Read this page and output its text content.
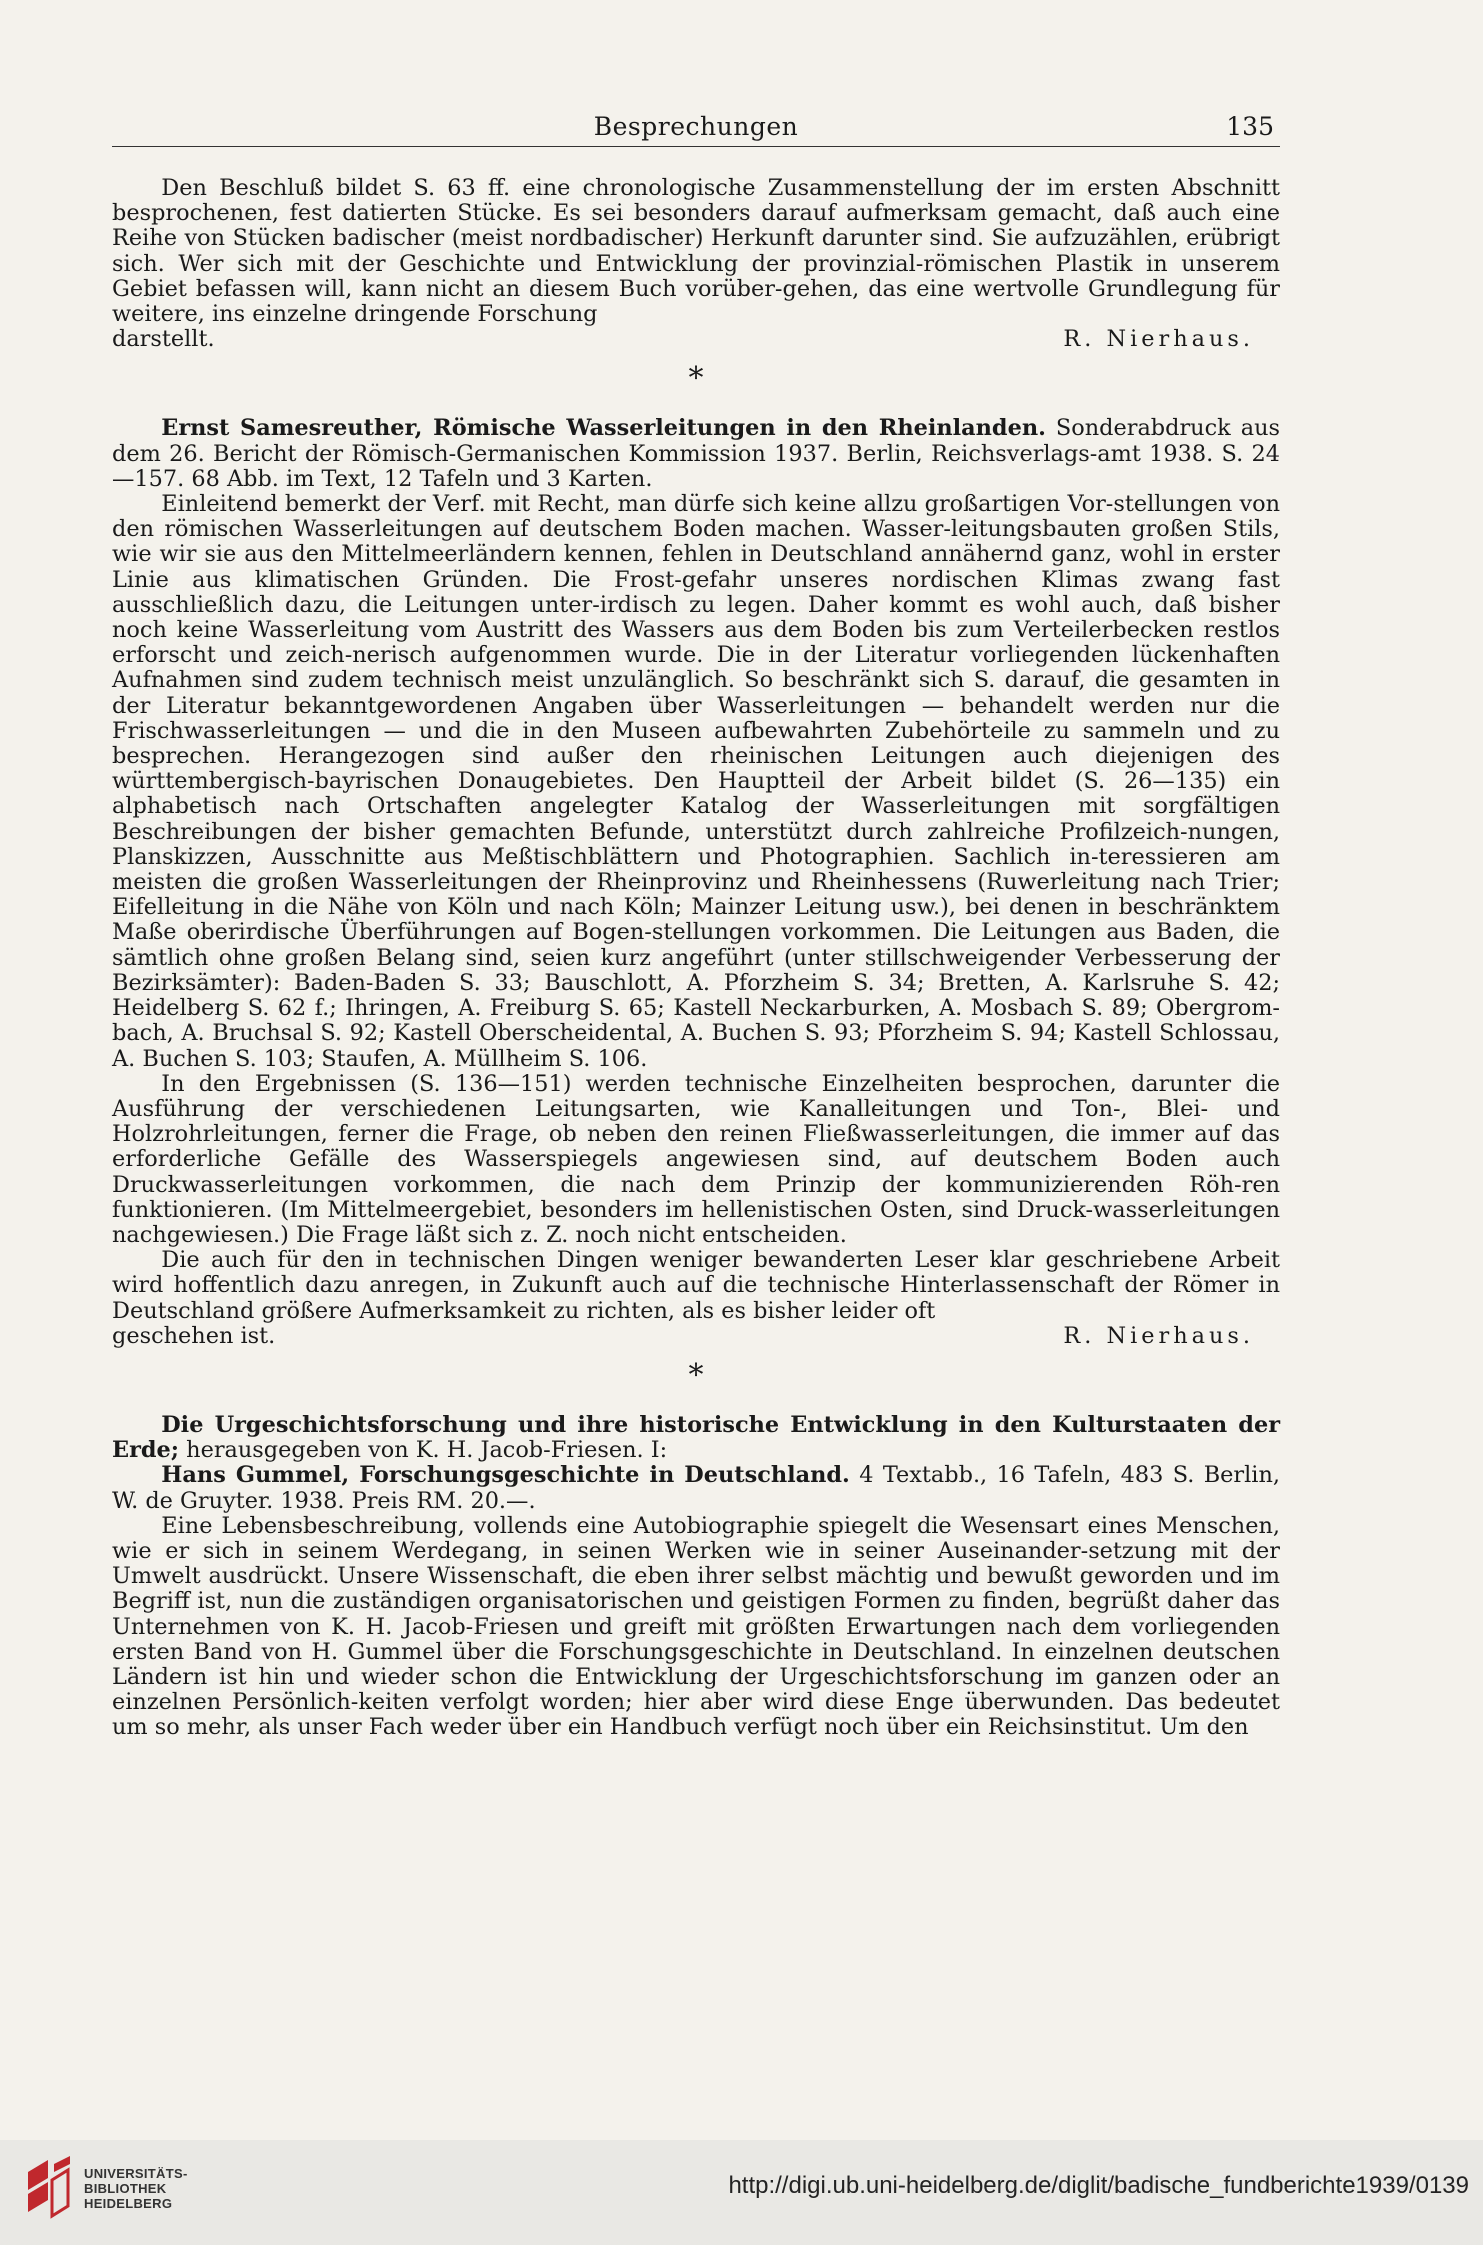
Besprechungen	135

Den Beschluß bildet S. 63 ff. eine chronologische Zusammenstellung der im ersten Abschnitt besprochenen, fest datierten Stücke. Es sei besonders darauf aufmerksam gemacht, daß auch eine Reihe von Stücken badischer (meist nordbadischer) Herkunft darunter sind. Sie aufzuzählen, erübrigt sich. Wer sich mit der Geschichte und Entwicklung der provinzial-römischen Plastik in unserem Gebiet befassen will, kann nicht an diesem Buch vorüber-gehen, das eine wertvolle Grundlegung für weitere, ins einzelne dringende Forschung

darstellt.	R. Nierhaus.
*

Ernst Samesreuther, Römische Wasserleitungen in den Rheinlanden. Sonderabdruck aus dem 26. Bericht der Römisch-Germanischen Kommission 1937. Berlin, Reichsverlags-amt 1938. S. 24—157. 68 Abb. im Text, 12 Tafeln und 3 Karten.

Einleitend bemerkt der Verf. mit Recht, man dürfe sich keine allzu großartigen Vor-stellungen von den römischen Wasserleitungen auf deutschem Boden machen. Wasser-leitungsbauten großen Stils, wie wir sie aus den Mittelmeerländern kennen, fehlen in Deutschland annähernd ganz, wohl in erster Linie aus klimatischen Gründen. Die Frost-gefahr unseres nordischen Klimas zwang fast ausschließlich dazu, die Leitungen unter-irdisch zu legen. Daher kommt es wohl auch, daß bisher noch keine Wasserleitung vom Austritt des Wassers aus dem Boden bis zum Verteilerbecken restlos erforscht und zeich-nerisch aufgenommen wurde. Die in der Literatur vorliegenden lückenhaften Aufnahmen sind zudem technisch meist unzulänglich. So beschränkt sich S. darauf, die gesamten in der Literatur bekanntgewordenen Angaben über Wasserleitungen — behandelt werden nur die Frischwasserleitungen — und die in den Museen aufbewahrten Zubehörteile zu sammeln und zu besprechen. Herangezogen sind außer den rheinischen Leitungen auch diejenigen des württembergisch-bayrischen Donaugebietes. Den Hauptteil der Arbeit bildet (S. 26—135) ein alphabetisch nach Ortschaften angelegter Katalog der Wasserleitungen mit sorgfältigen Beschreibungen der bisher gemachten Befunde, unterstützt durch zahlreiche Profilzeich-nungen, Planskizzen, Ausschnitte aus Meßtischblättern und Photographien. Sachlich in-teressieren am meisten die großen Wasserleitungen der Rheinprovinz und Rheinhessens (Ruwerleitung nach Trier; Eifelleitung in die Nähe von Köln und nach Köln; Mainzer Leitung usw.), bei denen in beschränktem Maße oberirdische Überführungen auf Bogen-stellungen vorkommen. Die Leitungen aus Baden, die sämtlich ohne großen Belang sind, seien kurz angeführt (unter stillschweigender Verbesserung der Bezirksämter): Baden-Baden S. 33; Bauschlott, A. Pforzheim S. 34; Bretten, A. Karlsruhe S. 42; Heidelberg S. 62 f.; Ihringen, A. Freiburg S. 65; Kastell Neckarburken, A. Mosbach S. 89; Obergrom-bach, A. Bruchsal S. 92; Kastell Oberscheidental, A. Buchen S. 93; Pforzheim S. 94; Kastell Schlossau, A. Buchen S. 103; Staufen, A. Müllheim S. 106.

In den Ergebnissen (S. 136—151) werden technische Einzelheiten besprochen, darunter die Ausführung der verschiedenen Leitungsarten, wie Kanalleitungen und Ton-, Blei- und Holzrohrleitungen, ferner die Frage, ob neben den reinen Fließwasserleitungen, die immer auf das erforderliche Gefälle des Wasserspiegels angewiesen sind, auf deutschem Boden auch Druckwasserleitungen vorkommen, die nach dem Prinzip der kommunizierenden Röh-ren funktionieren. (Im Mittelmeergebiet, besonders im hellenistischen Osten, sind Druck-wasserleitungen nachgewiesen.) Die Frage läßt sich z. Z. noch nicht entscheiden.

Die auch für den in technischen Dingen weniger bewanderten Leser klar geschriebene Arbeit wird hoffentlich dazu anregen, in Zukunft auch auf die technische Hinterlassenschaft der Römer in Deutschland größere Aufmerksamkeit zu richten, als es bisher leider oft

geschehen ist.	R. Nierhaus.
*

Die Urgeschichtsforschung und ihre historische Entwicklung in den Kulturstaaten der Erde; herausgegeben von K. H. Jacob-Friesen. I:

Hans Gummel, Forschungsgeschichte in Deutschland. 4 Textabb., 16 Tafeln, 483 S. Berlin, W. de Gruyter. 1938. Preis RM. 20.—.

Eine Lebensbeschreibung, vollends eine Autobiographie spiegelt die Wesensart eines Menschen, wie er sich in seinem Werdegang, in seinen Werken wie in seiner Auseinander-setzung mit der Umwelt ausdrückt. Unsere Wissenschaft, die eben ihrer selbst mächtig und bewußt geworden und im Begriff ist, nun die zuständigen organisatorischen und geistigen Formen zu finden, begrüßt daher das Unternehmen von K. H. Jacob-Friesen und greift mit größten Erwartungen nach dem vorliegenden ersten Band von H. Gummel über die Forschungsgeschichte in Deutschland. In einzelnen deutschen Ländern ist hin und wieder schon die Entwicklung der Urgeschichtsforschung im ganzen oder an einzelnen Persönlich-keiten verfolgt worden; hier aber wird diese Enge überwunden. Das bedeutet um so mehr, als unser Fach weder über ein Handbuch verfügt noch über ein Reichsinstitut. Um den

UNIVERSITÄTS-
BIBLIOTHEK
HEIDELBERG
http://digi.ub.uni-heidelberg.de/diglit/badische_fundberichte1939/0139
